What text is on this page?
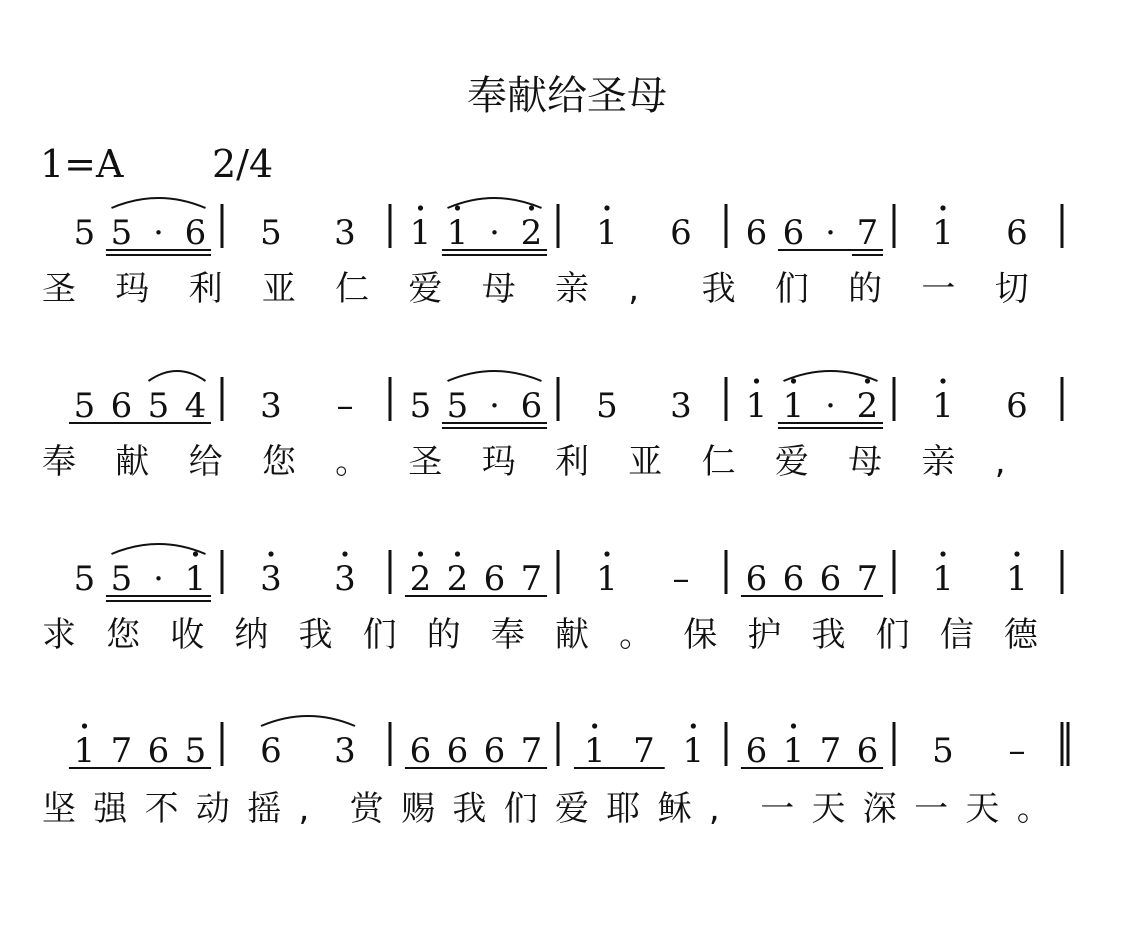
奉献给圣母
1=A 2/4
5 5 · 6 5 3 1 1 · 2 1 6 6 6 · 7 1 6
圣 玛 利 亚 仁 爱 母 亲 , 我 们 的 一 切
5 6 5 4 3 – 5 5 · 6 5 3 1 1 · 2 1 6
奉 献 给 您 。 圣 玛 利 亚 仁 爱 母 亲 ,
5 5 · 1 3 3 2 2 6 7 1 – 6 6 6 7 1 1
求 您 收 纳 我 们 的 奉 献 。 保 护 我 们 信 德
1 7 6 5 6 3 6 6 6 7 1 7 1 6 1 7 6 5 –
坚 强 不 动 摇 , 赏 赐 我 们 爱 耶 稣 , 一 天 深 一 天 。
